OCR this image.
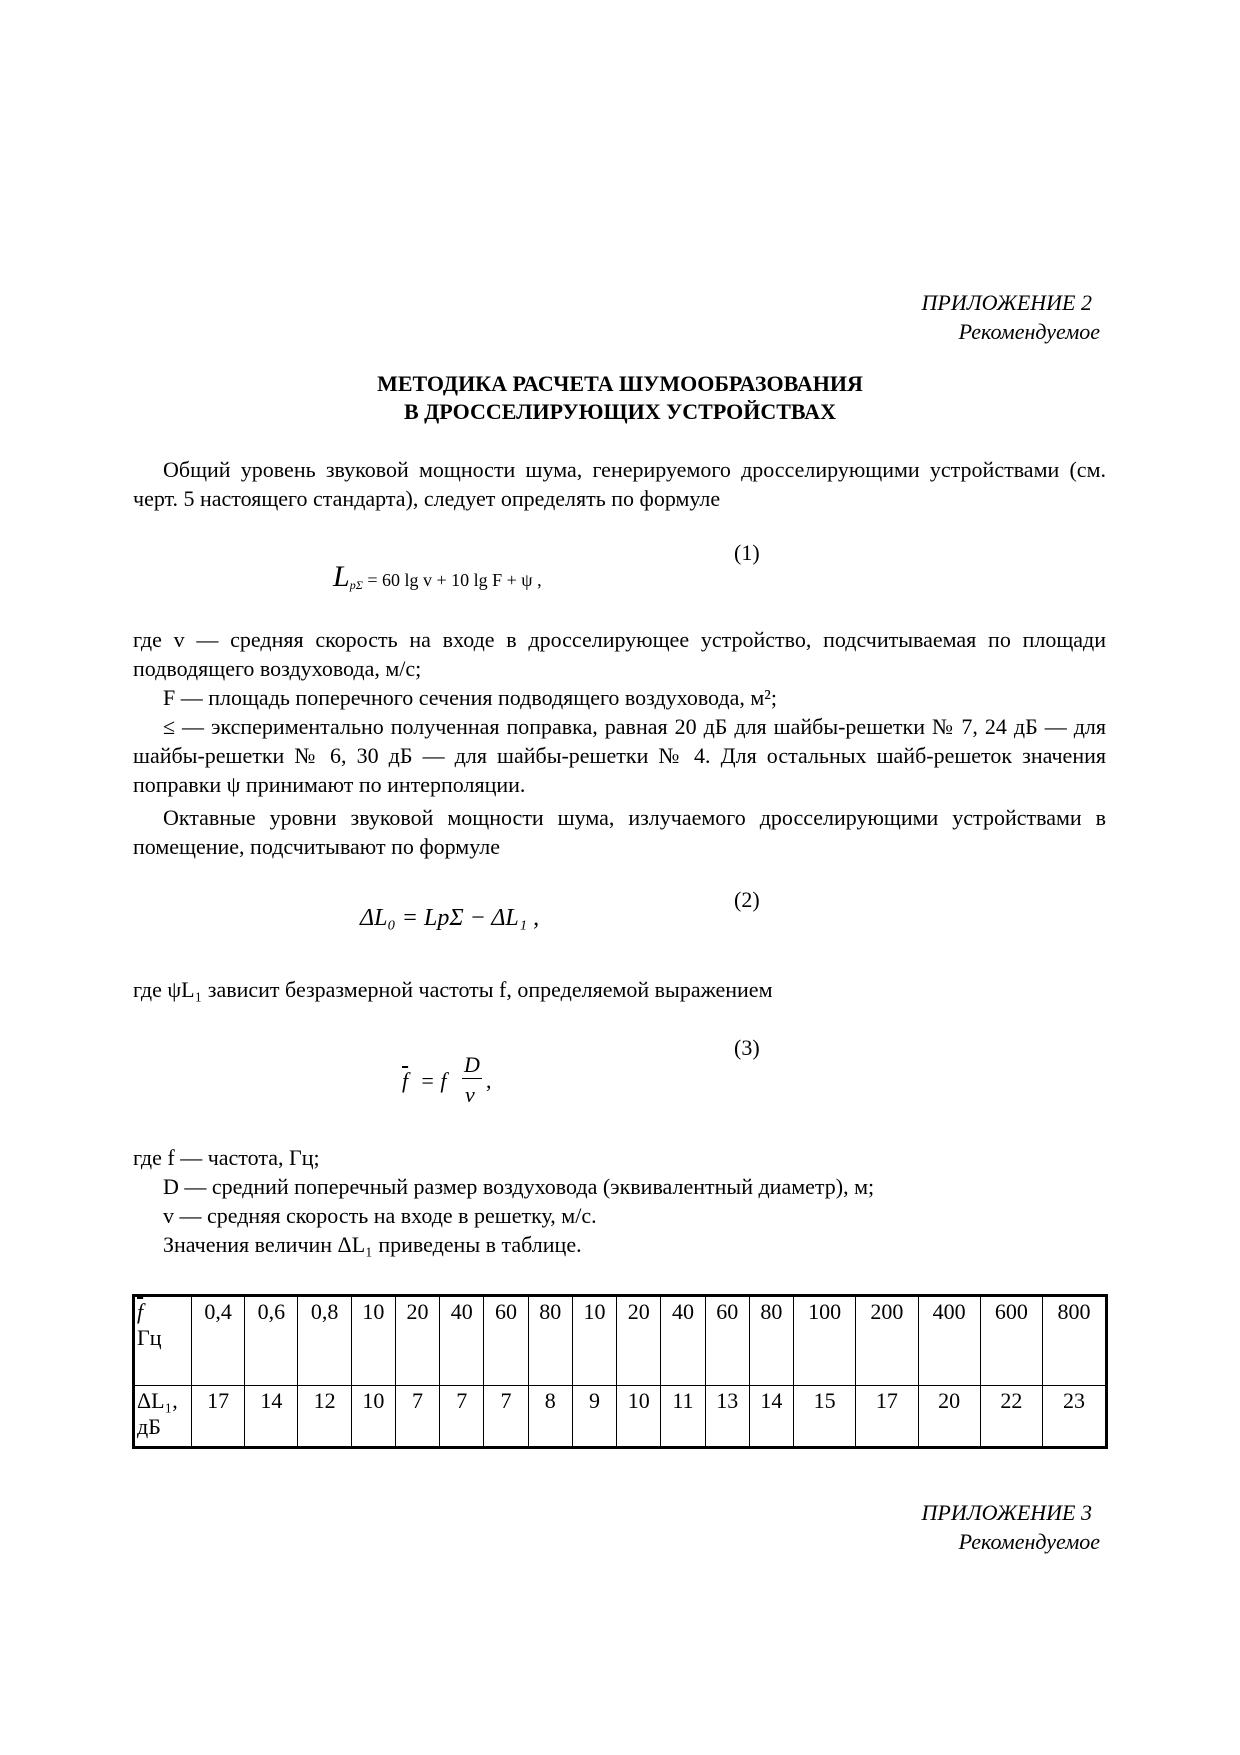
ПРИЛОЖЕНИЕ 2
Рекомендуемое
МЕТОДИКА РАСЧЕТА ШУМООБРАЗОВАНИЯ
В ДРОССЕЛИРУЮЩИХ УСТРОЙСТВАХ
Общий уровень звуковой мощности шума, генерируемого дросселирующими устройствами (см. черт. 5 настоящего стандарта), следует определять по формуле
$L_{p\Sigma} = 60$ lg v + 10 lg F + ψ ,
(1)
где v — средняя скорость на входе в дросселирующее устройство, подсчитываемая по площади подводящего воздуховода, м/с;
F — площадь поперечного сечения подводящего воздуховода, м²;
≤ — экспериментально полученная поправка, равная 20 дБ для шайбы-решетки № 7, 24 дБ — для шайбы-решетки № 6, 30 дБ — для шайбы-решетки № 4. Для остальных шайб-решеток значения поправки ψ принимают по интерполяции.
Октавные уровни звуковой мощности шума, излучаемого дросселирующими устройствами в помещение, подсчитывают по формуле
ΔL₀ = LpΣ − ΔL₁ ,
(2)
где ψL₁ зависит безразмерной частоты f, определяемой выражением
$\overline{f} = f$
D
v
,
(3)
где f — частота, Гц;
D — средний поперечный размер воздуховода (эквивалентный диаметр), м;
v — средняя скорость на входе в решетку, м/с.
Значения величин ΔL₁ приведены в таблице.
$\overline{f}$
Гц	0,4	0,6	0,8	10	20	40	60	80	10	20	40	60	80	100	200	400	600	800

ΔL₁,
дБ	17	14	12	10	7	7	7	8	9	10	11	13	14	15	17	20	22	23
ПРИЛОЖЕНИЕ 3
Рекомендуемое
